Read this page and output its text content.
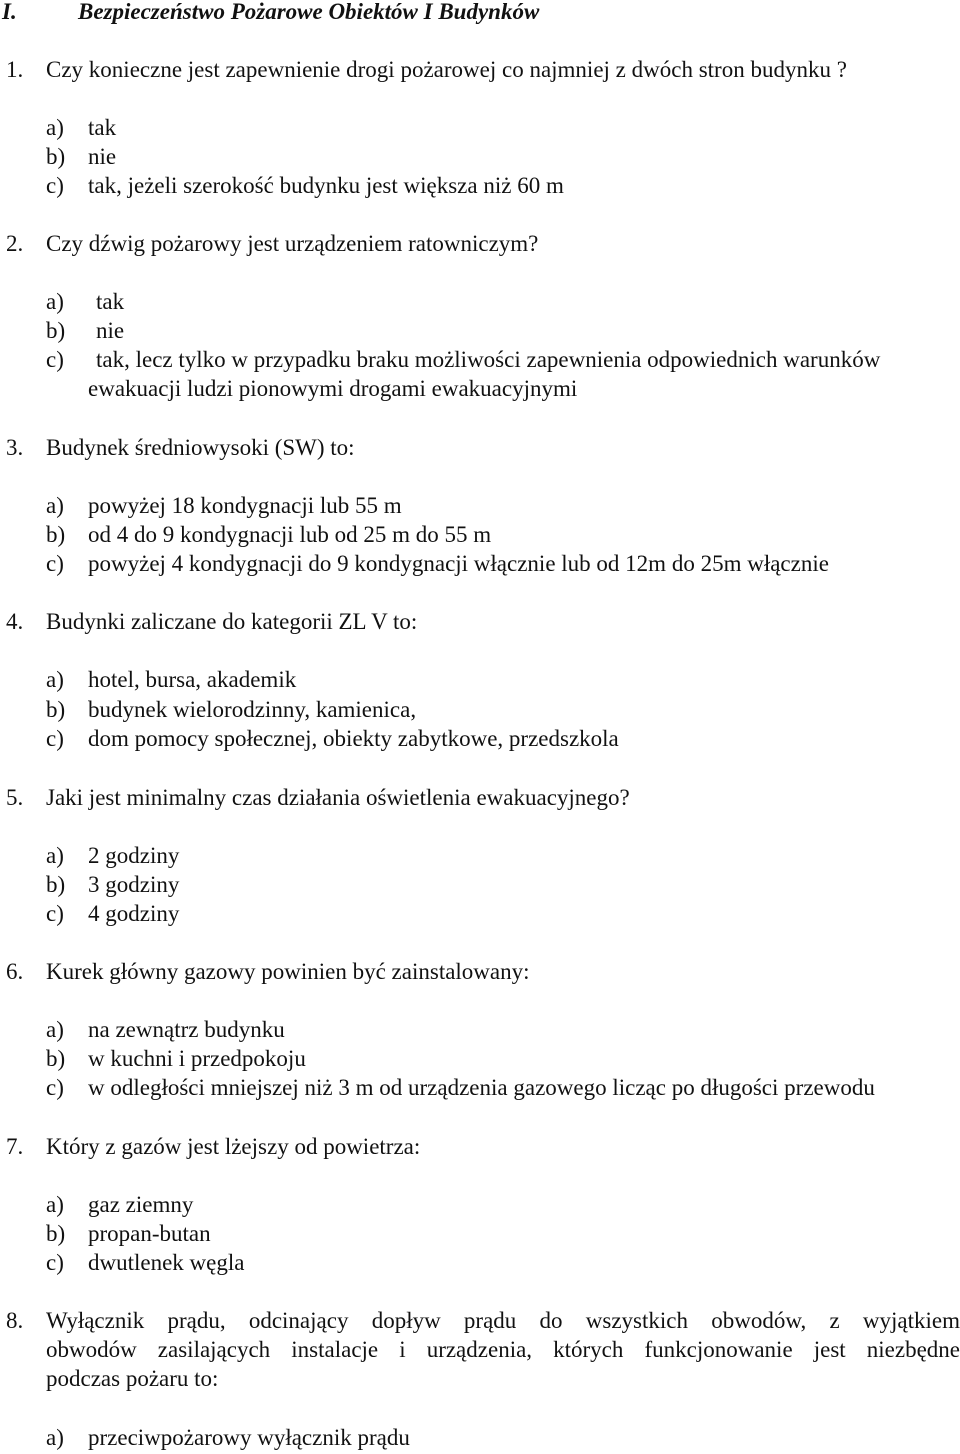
I.	Bezpieczeństwo Pożarowe Obiektów I Budynków
1. Czy konieczne jest zapewnienie drogi pożarowej co najmniej z dwóch stron budynku ?
a) tak
b) nie
c) tak, jeżeli szerokość budynku jest większa niż 60 m
2. Czy dźwig pożarowy jest urządzeniem ratowniczym?
a) tak
b) nie
c) tak, lecz tylko w przypadku braku możliwości zapewnienia odpowiednich warunków
ewakuacji ludzi pionowymi drogami ewakuacyjnymi
3. Budynek średniowysoki (SW) to:
a) powyżej 18 kondygnacji lub 55 m
b) od 4 do 9 kondygnacji lub od 25 m do 55 m
c) powyżej 4 kondygnacji do 9 kondygnacji włącznie lub od 12m do 25m włącznie
4. Budynki zaliczane do kategorii ZL V to:
a) hotel, bursa, akademik
b) budynek wielorodzinny, kamienica,
c) dom pomocy społecznej, obiekty zabytkowe, przedszkola
5. Jaki jest minimalny czas działania oświetlenia ewakuacyjnego?
a) 2 godziny
b) 3 godziny
c) 4 godziny
6. Kurek główny gazowy powinien być zainstalowany:
a) na zewnątrz budynku
b) w kuchni i przedpokoju
c) w odległości mniejszej niż 3 m od urządzenia gazowego licząc po długości przewodu
7. Który z gazów jest lżejszy od powietrza:
a) gaz ziemny
b) propan-butan
c) dwutlenek węgla
8. Wyłącznik prądu, odcinający dopływ prądu do wszystkich obwodów, z wyjątkiem
obwodów zasilających instalacje i urządzenia, których funkcjonowanie jest niezbędne
podczas pożaru to:
a) przeciwpożarowy wyłącznik prądu
